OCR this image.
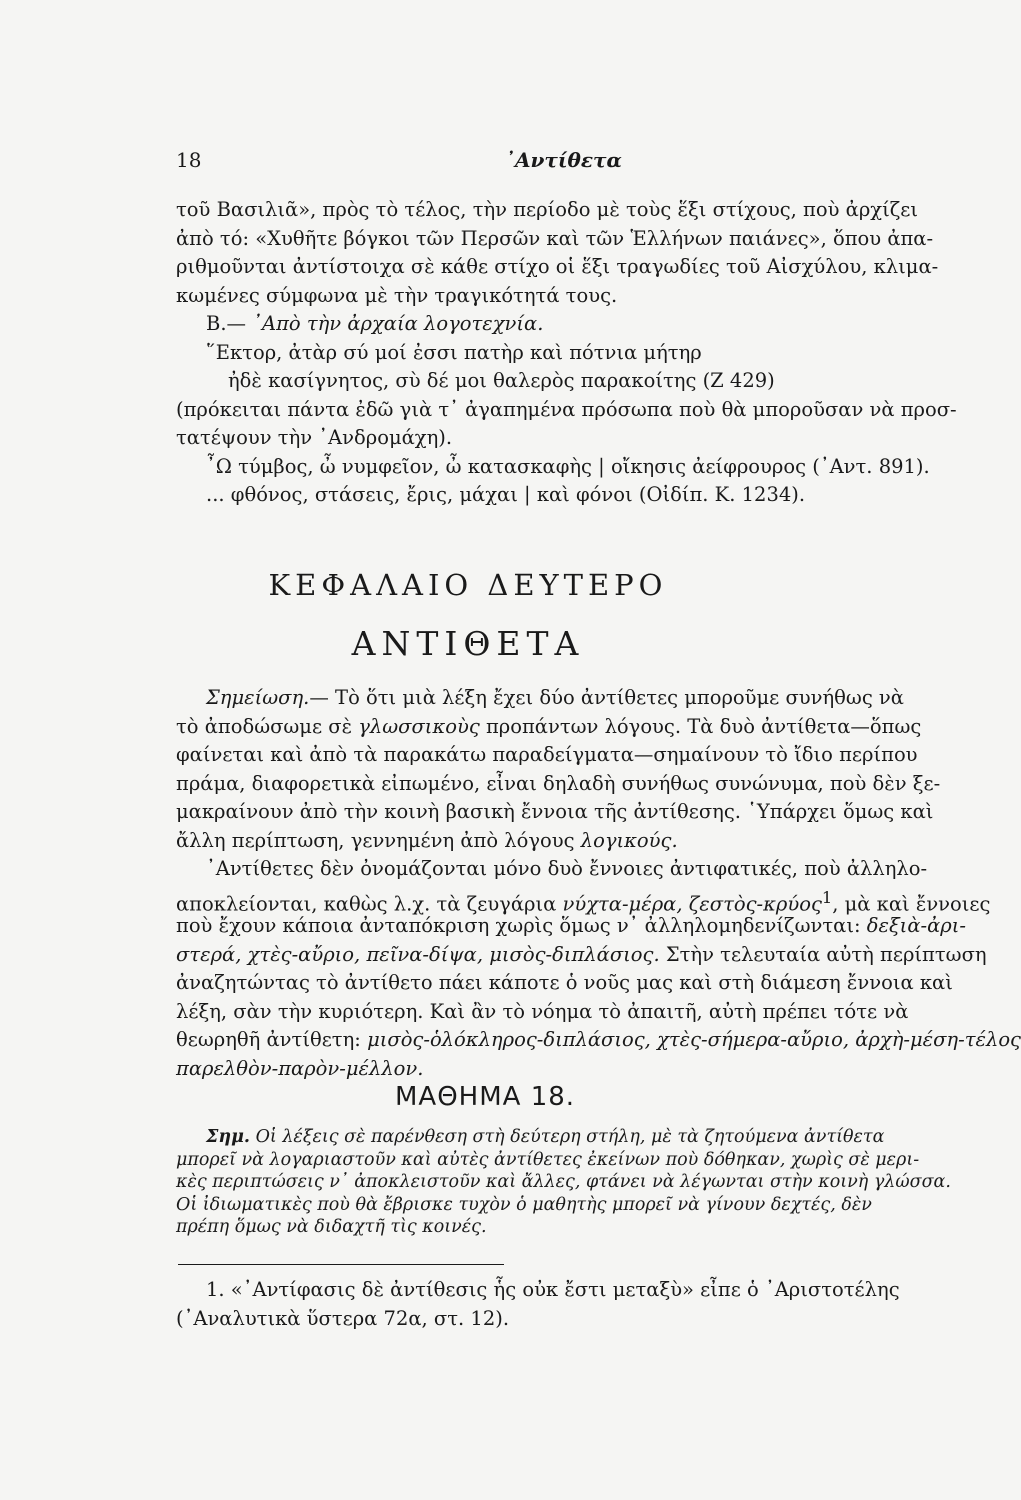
18	᾿Αντίθετα
τοῦ Βασιλιᾶ», πρὸς τὸ τέλος, τὴν περίοδο μὲ τοὺς ἕξι στίχους, ποὺ ἀρχίζει
ἀπὸ τό: «Χυθῆτε βόγκοι τῶν Περσῶν καὶ τῶν Ἑλλήνων παιάνες», ὅπου ἀπα-
ριθμοῦνται ἀντίστοιχα σὲ κάθε στίχο οἱ ἕξι τραγωδίες τοῦ Αἰσχύλου, κλιμα-
κωμένες σύμφωνα μὲ τὴν τραγικότητά τους.
Β.— ᾿Απὸ τὴν ἀρχαία λογοτεχνία.
῞Εκτορ, ἀτὰρ σύ μοί ἐσσι πατὴρ καὶ πότνια μήτηρ
ἠδὲ κασίγνητος, σὺ δέ μοι θαλερὸς παρακοίτης (Ζ 429)
(πρόκειται πάντα ἐδῶ γιὰ τ᾿ ἀγαπημένα πρόσωπα ποὺ θὰ μποροῦσαν νὰ προσ-
τατέψουν τὴν ᾿Ανδρομάχη).
῏Ω τύμβος, ὦ νυμφεῖον, ὦ κατασκαφὴς | οἴκησις ἀείφρουρος (᾿Αντ. 891).
... φθόνος, στάσεις, ἔρις, μάχαι | καὶ φόνοι (Οἰδίπ. Κ. 1234).
ΚΕΦΑΛΑΙΟ ΔΕΥΤΕΡΟ
ΑΝΤΙΘΕΤΑ
Σημείωση.— Τὸ ὅτι μιὰ λέξη ἔχει δύο ἀντίθετες μποροῦμε συνήθως νὰ
τὸ ἀποδώσωμε σὲ γλωσσικοὺς προπάντων λόγους. Τὰ δυὸ ἀντίθετα—ὅπως
φαίνεται καὶ ἀπὸ τὰ παρακάτω παραδείγματα—σημαίνουν τὸ ἴδιο περίπου
πράμα, διαφορετικὰ εἰπωμένο, εἶναι δηλαδὴ συνήθως συνώνυμα, ποὺ δὲν ξε-
μακραίνουν ἀπὸ τὴν κοινὴ βασικὴ ἔννοια τῆς ἀντίθεσης. ῾Υπάρχει ὅμως καὶ
ἄλλη περίπτωση, γεννημένη ἀπὸ λόγους λογικούς.
᾿Αντίθετες δὲν ὀνομάζονται μόνο δυὸ ἔννοιες ἀντιφατικές, ποὺ ἀλληλο-
αποκλείονται, καθὼς λ.χ. τὰ ζευγάρια νύχτα-μέρα, ζεστὸς-κρύος$^1$, μὰ καὶ ἔννοιες
ποὺ ἔχουν κάποια ἀνταπόκριση χωρὶς ὅμως ν᾿ ἀλληλομηδενίζωνται: δεξιὰ-ἀρι-
στερά, χτὲς-αὔριο, πεῖνα-δίψα, μισὸς-διπλάσιος. Στὴν τελευταία αὐτὴ περίπτωση
ἀναζητώντας τὸ ἀντίθετο πάει κάποτε ὁ νοῦς μας καὶ στὴ διάμεση ἔννοια καὶ
λέξη, σὰν τὴν κυριότερη. Καὶ ἂν τὸ νόημα τὸ ἀπαιτῆ, αὐτὴ πρέπει τότε νὰ
θεωρηθῆ ἀντίθετη: μισὸς-ὁλόκληρος-διπλάσιος, χτὲς-σήμερα-αὔριο, ἀρχὴ-μέση-τέλος
παρελθὸν-παρὸν-μέλλον.
ΜΑΘΗΜΑ 18.
Σημ. Οἱ λέξεις σὲ παρένθεση στὴ δεύτερη στήλη, μὲ τὰ ζητούμενα ἀντίθετα
μπορεῖ νὰ λογαριαστοῦν καὶ αὐτὲς ἀντίθετες ἐκείνων ποὺ δόθηκαν, χωρὶς σὲ μερι-
κὲς περιπτώσεις ν᾿ ἀποκλειστοῦν καὶ ἄλλες, φτάνει νὰ λέγωνται στὴν κοινὴ γλώσσα.
Οἱ ἰδιωματικὲς ποὺ θὰ ἔβρισκε τυχὸν ὁ μαθητὴς μπορεῖ νὰ γίνουν δεχτές, δὲν
πρέπη ὅμως νὰ διδαχτῆ τὶς κοινές.
1. «᾿Αντίφασις δὲ ἀντίθεσις ἧς οὐκ ἔστι μεταξὺ» εἶπε ὁ ᾿Αριστοτέλης
(᾿Αναλυτικὰ ὕστερα 72α, στ. 12).
